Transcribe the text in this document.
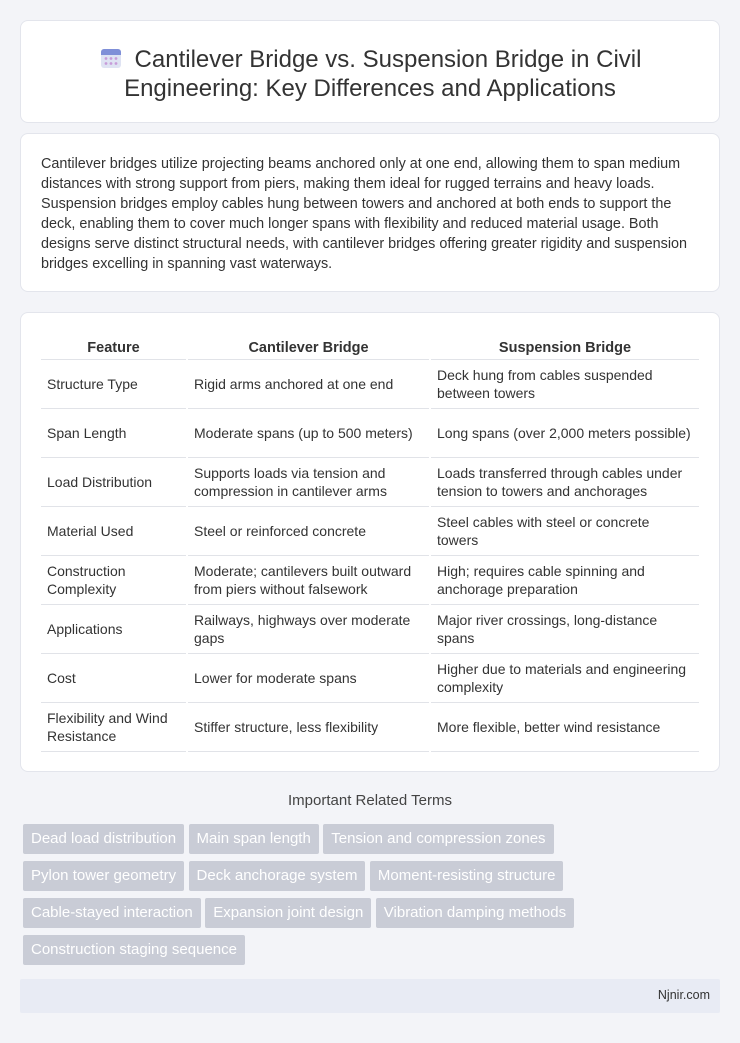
Cantilever Bridge vs. Suspension Bridge in Civil Engineering: Key Differences and Applications

Cantilever bridges utilize projecting beams anchored only at one end, allowing them to span medium distances with strong support from piers, making them ideal for rugged terrains and heavy loads. Suspension bridges employ cables hung between towers and anchored at both ends to support the deck, enabling them to cover much longer spans with flexibility and reduced material usage. Both designs serve distinct structural needs, with cantilever bridges offering greater rigidity and suspension bridges excelling in spanning vast waterways.

Feature	Cantilever Bridge	Suspension Bridge
Structure Type	Rigid arms anchored at one end	Deck hung from cables suspended between towers
Span Length	Moderate spans (up to 500 meters)	Long spans (over 2,000 meters possible)
Load Distribution	Supports loads via tension and compression in cantilever arms	Loads transferred through cables under tension to towers and anchorages
Material Used	Steel or reinforced concrete	Steel cables with steel or concrete towers
Construction Complexity	Moderate; cantilevers built outward from piers without falsework	High; requires cable spinning and anchorage preparation
Applications	Railways, highways over moderate gaps	Major river crossings, long-distance spans
Cost	Lower for moderate spans	Higher due to materials and engineering complexity
Flexibility and Wind Resistance	Stiffer structure, less flexibility	More flexible, better wind resistance
Important Related Terms
Dead load distribution Main span length Tension and compression zones Pylon tower geometry Deck anchorage system Moment-resisting structure Cable-stayed interaction Expansion joint design Vibration damping methods Construction staging sequence
Njnir.com
